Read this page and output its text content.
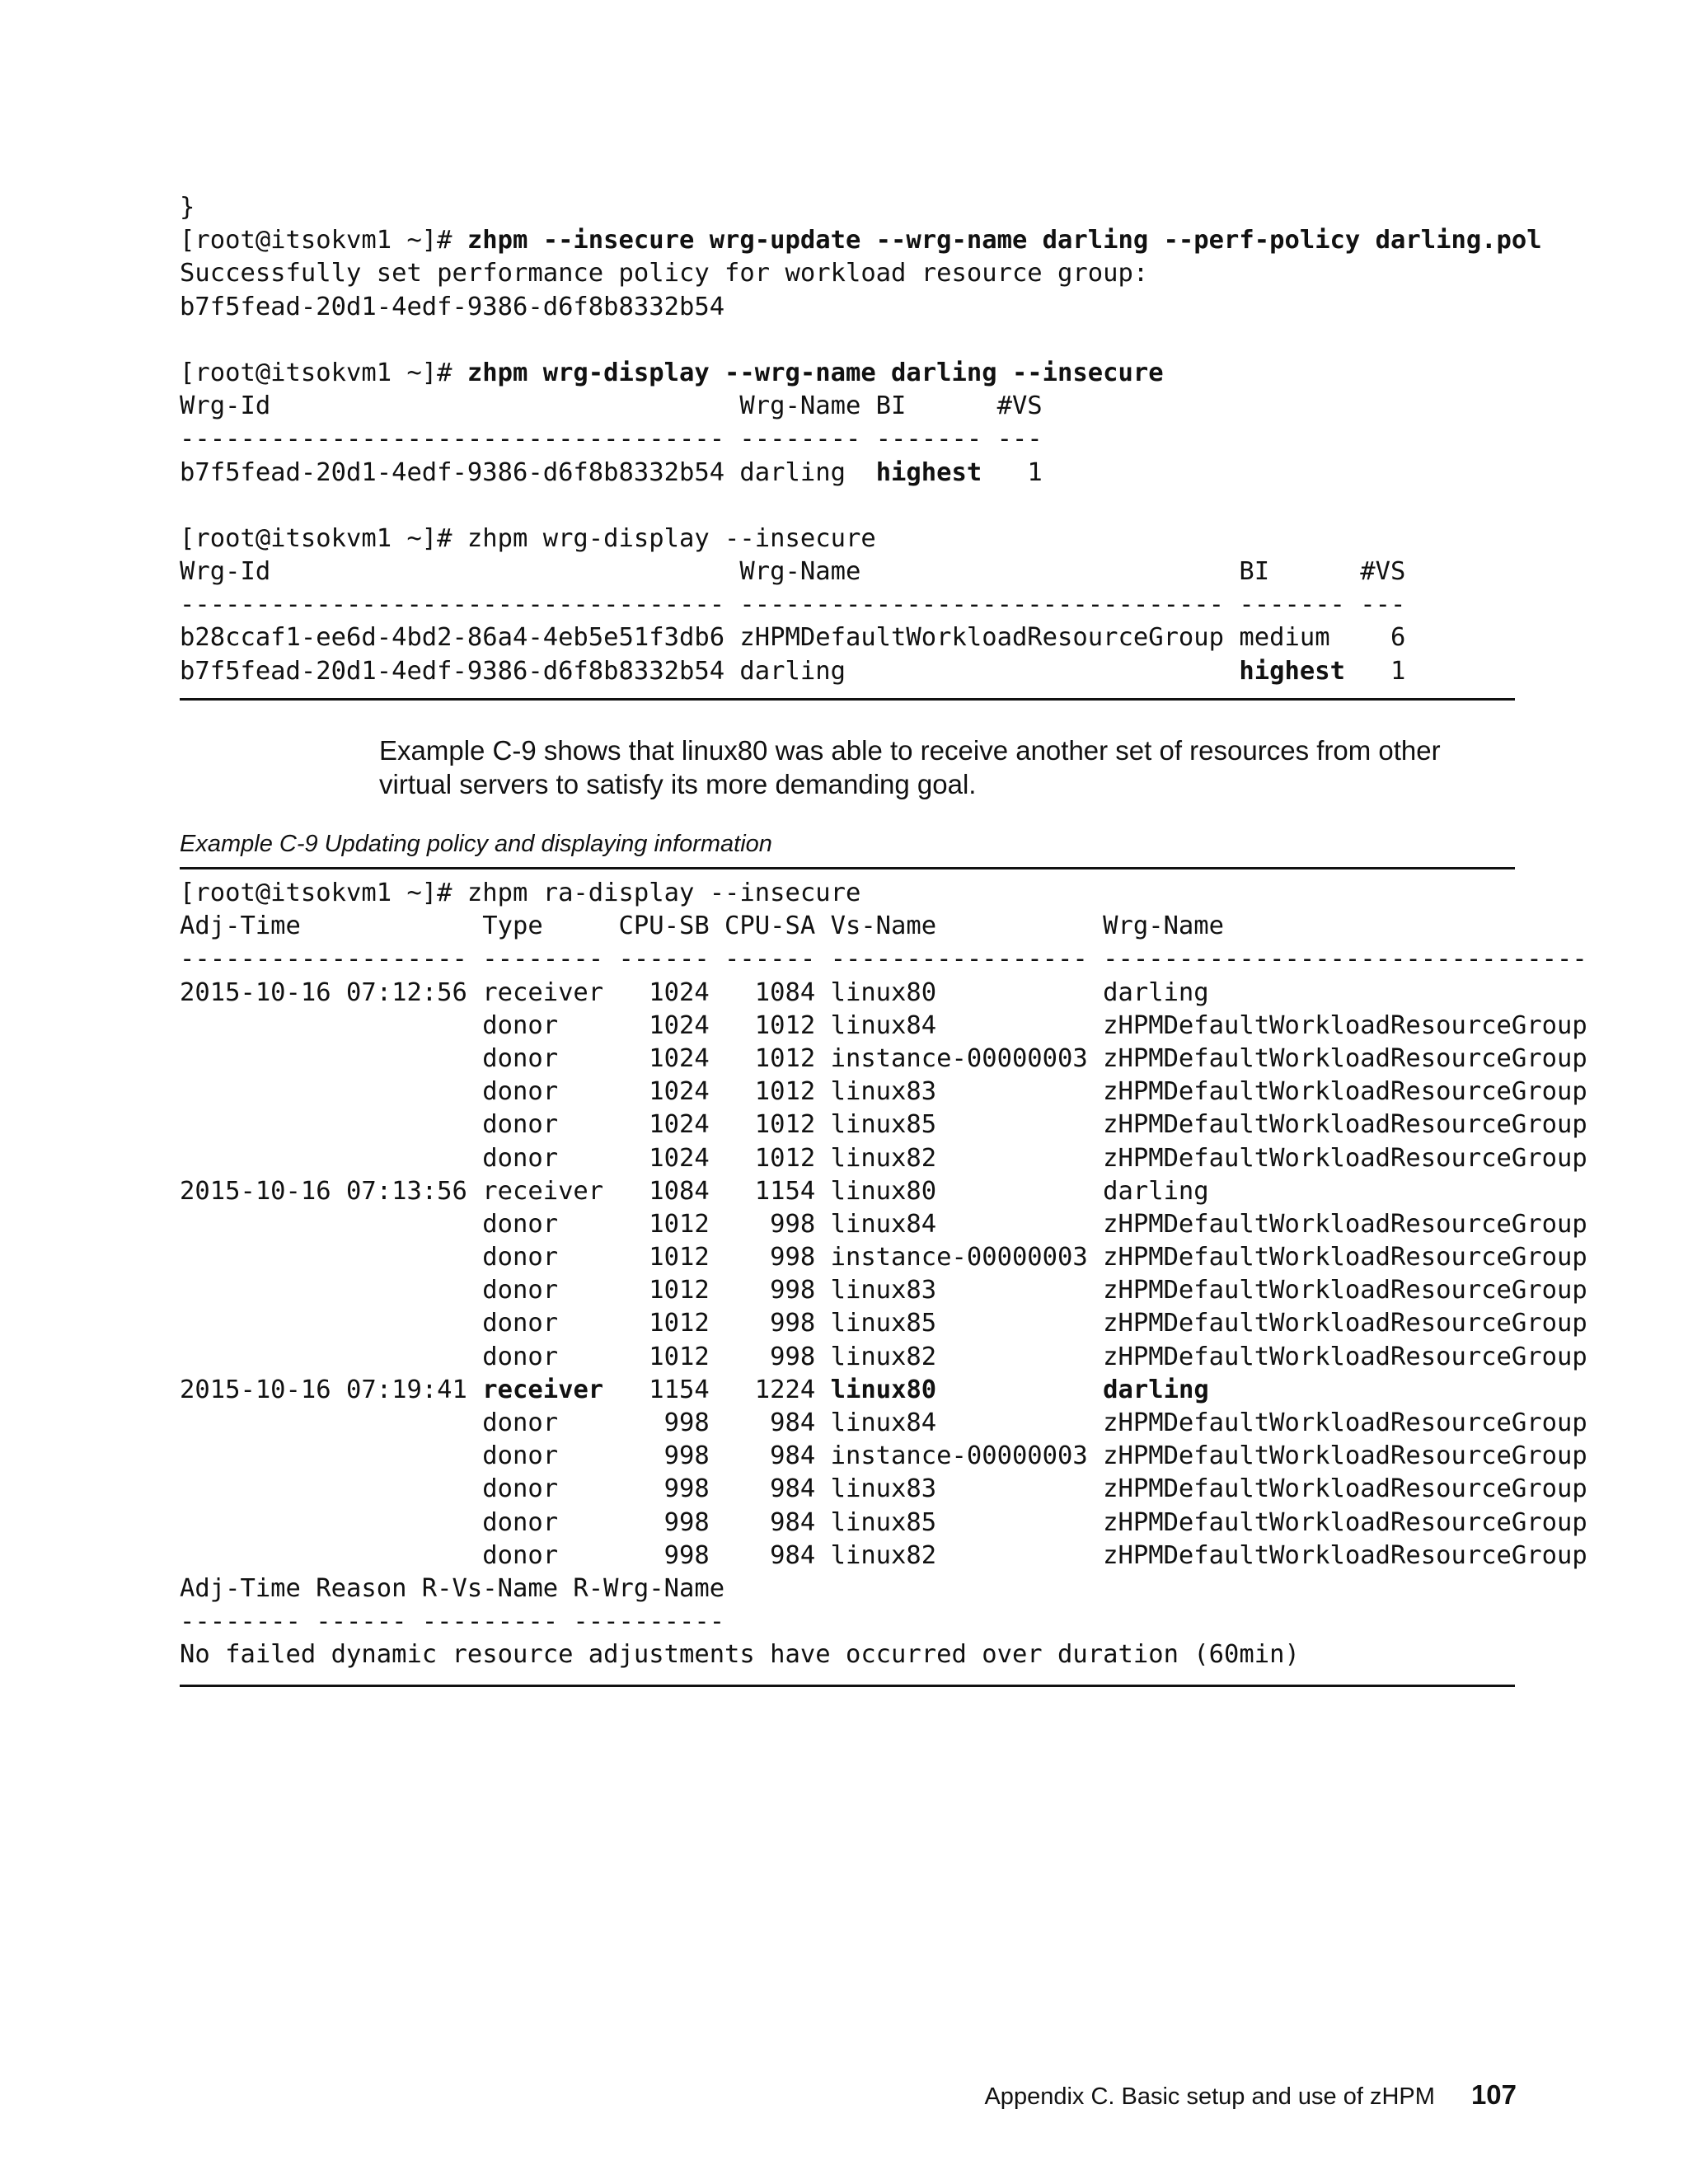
}
[root@itsokvm1 ~]# zhpm --insecure wrg-update --wrg-name darling --perf-policy darling.pol
Successfully set performance policy for workload resource group:
b7f5fead-20d1-4edf-9386-d6f8b8332b54
[root@itsokvm1 ~]# zhpm wrg-display --wrg-name darling --insecure
Wrg-Id                               Wrg-Name BI      #VS
------------------------------------ -------- ------- ---
b7f5fead-20d1-4edf-9386-d6f8b8332b54 darling  highest   1
[root@itsokvm1 ~]# zhpm wrg-display --insecure
Wrg-Id                               Wrg-Name                         BI      #VS
------------------------------------ -------------------------------- ------- ---
b28ccaf1-ee6d-4bd2-86a4-4eb5e51f3db6 zHPMDefaultWorkloadResourceGroup medium    6
b7f5fead-20d1-4edf-9386-d6f8b8332b54 darling                          highest   1

Example C-9 shows that linux80 was able to receive another set of resources from other virtual servers to satisfy its more demanding goal.

Example C-9 Updating policy and displaying information

[root@itsokvm1 ~]# zhpm ra-display --insecure
Adj-Time            Type     CPU-SB CPU-SA Vs-Name           Wrg-Name
------------------- -------- ------ ------ ----------------- --------------------------------
2015-10-16 07:12:56 receiver   1024   1084 linux80           darling
donor      1024   1012 linux84           zHPMDefaultWorkloadResourceGroup
donor      1024   1012 instance-00000003 zHPMDefaultWorkloadResourceGroup
donor      1024   1012 linux83           zHPMDefaultWorkloadResourceGroup
donor      1024   1012 linux85           zHPMDefaultWorkloadResourceGroup
donor      1024   1012 linux82           zHPMDefaultWorkloadResourceGroup
2015-10-16 07:13:56 receiver   1084   1154 linux80           darling
donor      1012    998 linux84           zHPMDefaultWorkloadResourceGroup
donor      1012    998 instance-00000003 zHPMDefaultWorkloadResourceGroup
donor      1012    998 linux83           zHPMDefaultWorkloadResourceGroup
donor      1012    998 linux85           zHPMDefaultWorkloadResourceGroup
donor      1012    998 linux82           zHPMDefaultWorkloadResourceGroup
2015-10-16 07:19:41 receiver   1154   1224 linux80	darling
donor       998    984 linux84           zHPMDefaultWorkloadResourceGroup
donor       998    984 instance-00000003 zHPMDefaultWorkloadResourceGroup
donor       998    984 linux83           zHPMDefaultWorkloadResourceGroup
donor       998    984 linux85           zHPMDefaultWorkloadResourceGroup
donor       998    984 linux82           zHPMDefaultWorkloadResourceGroup
Adj-Time Reason R-Vs-Name R-Wrg-Name
-------- ------ --------- ----------
No failed dynamic resource adjustments have occurred over duration (60min)
Appendix C. Basic setup and use of zHPM 107
